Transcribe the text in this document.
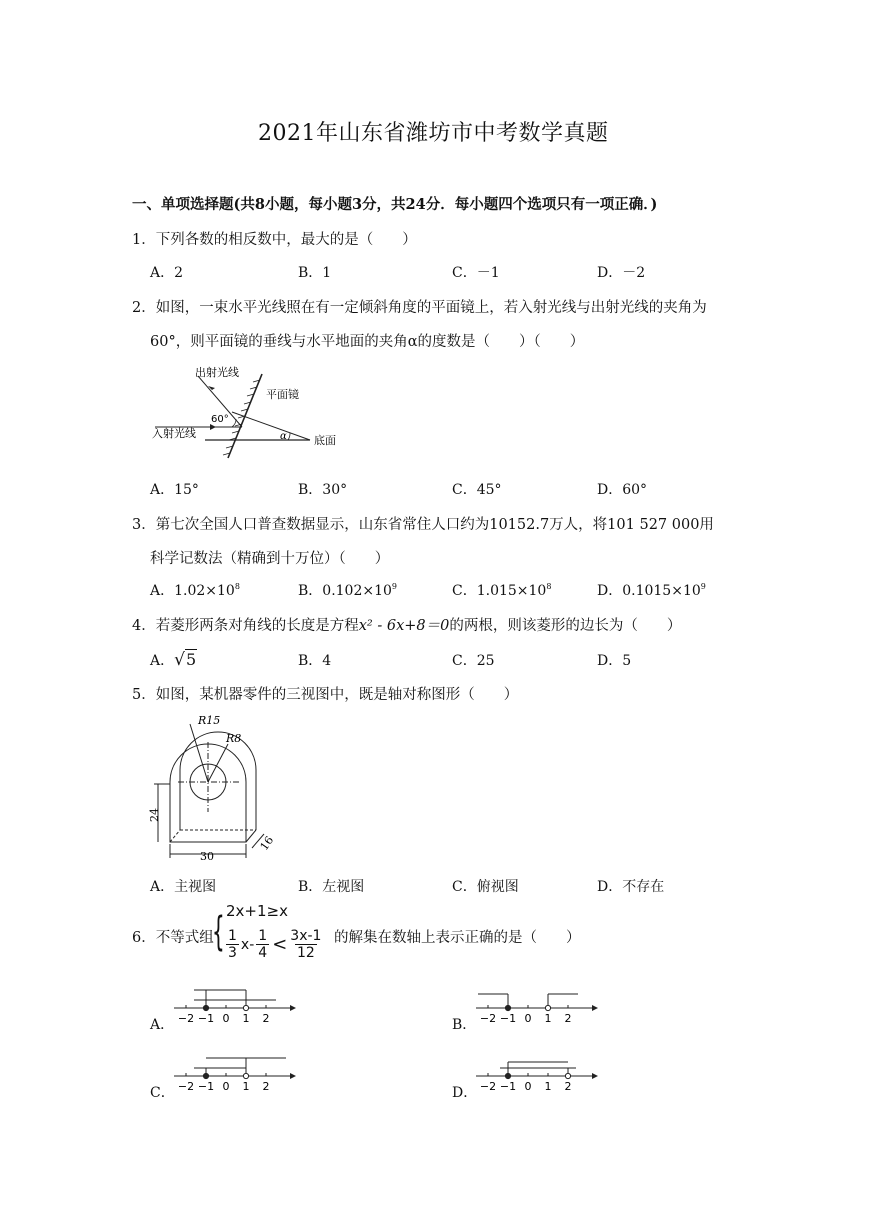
2021年山东省潍坊市中考数学真题
一、单项选择题(共8小题，每小题3分，共24分．每小题四个选项只有一项正确．)
1．下列各数的相反数中，最大的是（　　）
A．2	B．1	C．－1	D．－2
2．如图，一束水平光线照在有一定倾斜角度的平面镜上，若入射光线与出射光线的夹角为
60°，则平面镜的垂线与水平地面的夹角α的度数是（　　）（　　）
出射光线
平面镜
入射光线
底面
60°
α
A．15°	B．30°	C．45°	D．60°
3．第七次全国人口普查数据显示，山东省常住人口约为10152.7万人，将101 527 000用
科学记数法（精确到十万位）（　　）
A．$1.02\times 10^8$	B．$0.102\times 10^9$	C．$1.015\times 10^8$	D．$0.1015\times 10^9$
4．若菱形两条对角线的长度是方程x² - 6x+8＝0的两根，则该菱形的边长为（　　）
A．√5	B．4	C．25	D．5
5．如图，某机器零件的三视图中，既是轴对称图形（　　）
R15
R8
24
30
16
A．主视图	B．左视图	C．俯视图	D．不存在
6．不等式组
{ 2x+1≥x
1
3
x-
1
4 < 3x-1
12
的解集在数轴上表示正确的是（　　）
A．	B．
C．	D．
−2 −1 0 1 2	−2 −1 0 1 2
−2 −1 0 1 2	−2 −1 0 1 2
